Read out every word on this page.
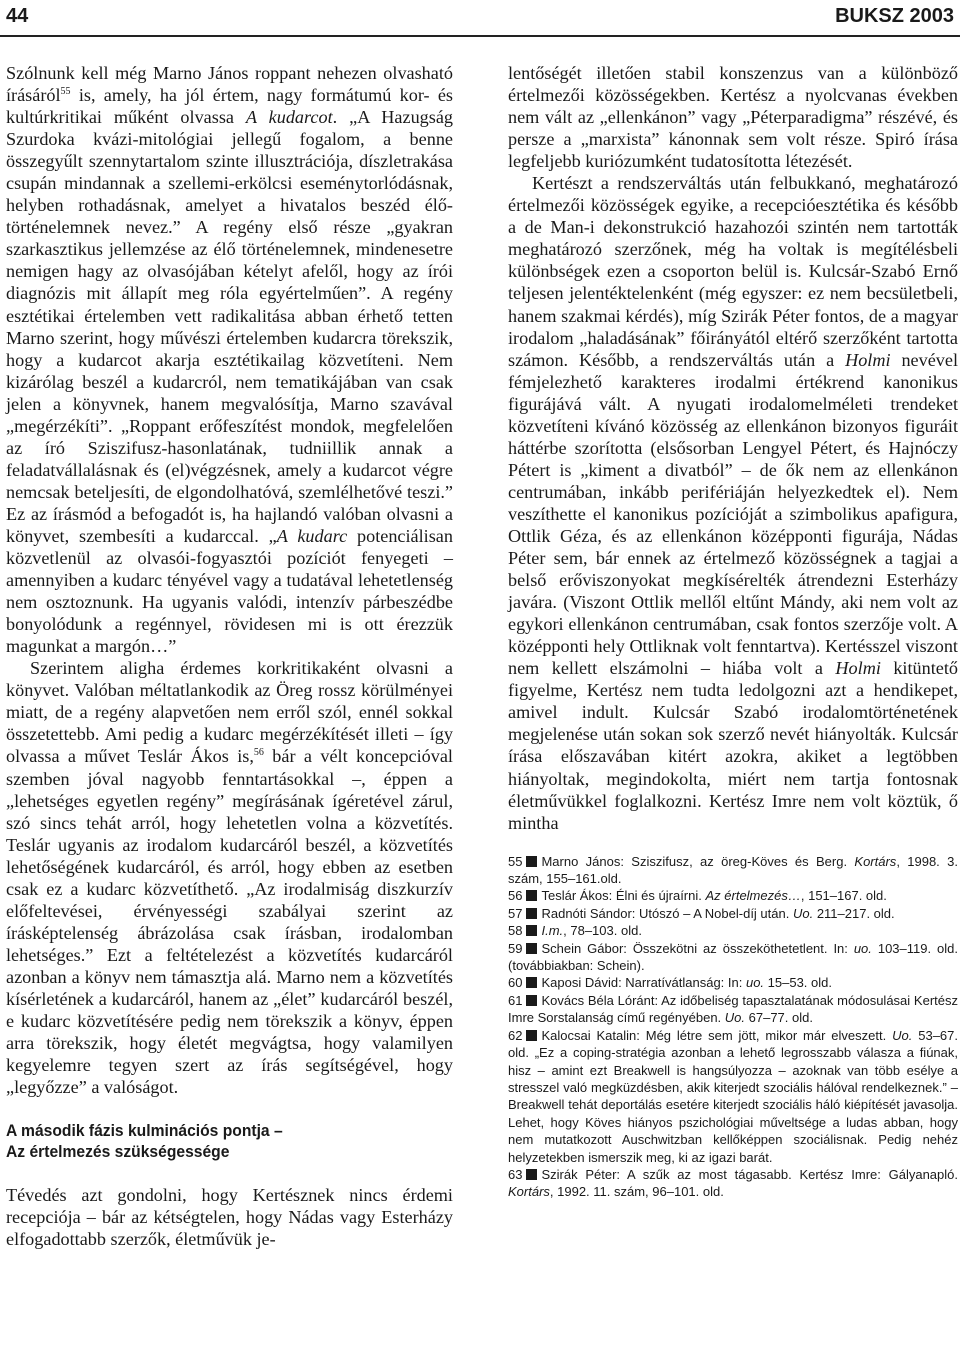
44	BUKSZ 2003

Szólnunk kell még Marno János roppant nehezen olvasható írásáról$^{55}$ is, amely, ha jól értem, nagy formátumú kor- és kultúrkritikai műként olvassa A kudarcot. „A Hazugság Szurdoka kvázi-mitológiai jellegű fogalom, a benne összegyűlt szennytartalom szinte illusztrációja, díszletrakása csupán mindannak a szellemi-erkölcsi eseménytorlódásnak, helyben rothadásnak, amelyet a hivatalos beszéd élő-történelemnek nevez.” A regény első része „gyakran szarkasztikus jellemzése az élő történelemnek, mindenesetre nemigen hagy az olvasójában kételyt afelől, hogy az írói diagnózis mit állapít meg róla egyértelműen”. A regény esztétikai értelemben vett radikalitása abban érhető tetten Marno szerint, hogy művészi értelemben kudarcra törekszik, hogy a kudarcot akarja esztétikailag közvetíteni. Nem kizárólag beszél a kudarcról, nem tematikájában van csak jelen a könyvnek, hanem megvalósítja, Marno szavával „megérzékíti”. „Roppant erőfeszítést mondok, megfelelően az író Sziszifusz-hasonlatának, tudniillik annak a feladatvállalásnak és (el)végzésnek, amely a kudarcot végre nemcsak beteljesíti, de elgondolhatóvá, szemlélhetővé teszi.” Ez az írásmód a befogadót is, ha hajlandó valóban olvasni a könyvet, szembesíti a kudarccal. „A kudarc potenciálisan közvetlenül az olvasói-fogyasztói pozíciót fenyegeti – amennyiben a kudarc tényével vagy a tudatával lehetetlenség nem osztoznunk. Ha ugyanis valódi, intenzív párbeszédbe bonyolódunk a regénnyel, rövidesen mi is ott érezzük magunkat a margón…”

Szerintem aligha érdemes korkritikaként olvasni a könyvet. Valóban méltatlankodik az Öreg rossz körülményei miatt, de a regény alapvetően nem erről szól, ennél sokkal összetettebb. Ami pedig a kudarc megérzékítését illeti – így olvassa a művet Teslár Ákos is,$^{56}$ bár a vélt koncepcióval szemben jóval nagyobb fenntartásokkal –, éppen a „lehetséges egyetlen regény” megírásának ígéretével zárul, szó sincs tehát arról, hogy lehetetlen volna a közvetítés. Teslár ugyanis az irodalom kudarcáról beszél, a közvetítés lehetőségének kudarcáról, és arról, hogy ebben az esetben csak ez a kudarc közvetíthető. „Az irodalmiság diszkurzív előfeltevései, érvényességi szabályai szerint az írásképtelenség ábrázolása csak írásban, irodalomban lehetséges.” Ezt a feltételezést a közvetítés kudarcáról azonban a könyv nem támasztja alá. Marno nem a közvetítés kísérletének a kudarcáról, hanem az „élet” kudarcáról beszél, e kudarc közvetítésére pedig nem törekszik a könyv, éppen arra törekszik, hogy életét megvágtsa, hogy valamilyen kegyelemre tegyen szert az írás segítségével, hogy „legyőzze” a valóságot.

A második fázis kulminációs pontja –
Az értelmezés szükségessége

Tévedés azt gondolni, hogy Kertésznek nincs érdemi recepciója – bár az kétségtelen, hogy Nádas vagy Esterházy elfogadottabb szerzők, életművük je-

lentőségét illetően stabil konszenzus van a különböző értelmezői közösségekben. Kertész a nyolcvanas években nem vált az „ellenkánon” vagy „Péterparadigma” részévé, és persze a „marxista” kánonnak sem volt része. Spiró írása legfeljebb kuriózumként tudatosította létezését.

Kertészt a rendszerváltás után felbukkanó, meghatározó értelmezői közösségek egyike, a recepcióesztétika és később a de Man-i dekonstrukció hazahozói szintén nem tartották meghatározó szerzőnek, még ha voltak is megítélésbeli különbségek ezen a csoporton belül is. Kulcsár-Szabó Ernő teljesen jelentéktelenként (még egyszer: ez nem becsületbeli, hanem szakmai kérdés), míg Szirák Péter fontos, de a magyar irodalom „haladásának” főirányától eltérő szerzőként tartotta számon. Később, a rendszerváltás után a Holmi nevével fémjelezhető karakteres irodalmi értékrend kanonikus figurájává vált. A nyugati irodalomelméleti trendeket közvetíteni kívánó közösség az ellenkánon bizonyos figuráit háttérbe szorította (elsősorban Lengyel Pétert, és Hajnóczy Pétert is „kiment a divatból” – de ők nem az ellenkánon centrumában, inkább perifériáján helyezkedtek el). Nem veszíthette el kanonikus pozícióját a szimbolikus apafigura, Ottlik Géza, és az ellenkánon középponti figurája, Nádas Péter sem, bár ennek az értelmező közösségnek a tagjai a belső erőviszonyokat megkísérelték átrendezni Esterházy javára. (Viszont Ottlik mellől eltűnt Mándy, aki nem volt az egykori ellenkánon centrumában, csak fontos szerzője volt. A középponti hely Ottliknak volt fenntartva). Kertésszel viszont nem kellett elszámolni – hiába volt a Holmi kitüntető figyelme, Kertész nem tudta ledolgozni azt a hendikepet, amivel indult. Kulcsár Szabó irodalomtörténetének megjelenése után sokan sok szerző nevét hiányolták. Kulcsár írása előszavában kitért azokra, akiket a legtöbben hiányoltak, megindokolta, miért nem tartja fontosnak életművükkel foglalkozni. Kertész Imre nem volt köztük, ő mintha

55 Marno János: Sziszifusz, az öreg-Köves és Berg. Kortárs, 1998. 3. szám, 155–161.old.
56 Teslár Ákos: Élni és újraírni. Az értelmezés…, 151–167. old.
57 Radnóti Sándor: Utószó – A Nobel-díj után. Uo. 211–217. old.
58 I.m., 78–103. old.
59 Schein Gábor: Összekötni az összeköthetetlent. In: uo. 103–119. old. (továbbiakban: Schein).
60 Kaposi Dávid: Narratívátlanság: In: uo. 15–53. old.
61 Kovács Béla Lóránt: Az időbeliség tapasztalatának módosulásai Kertész Imre Sorstalanság című regényében. Uo. 67–77. old.
62 Kalocsai Katalin: Még létre sem jött, mikor már elveszett. Uo. 53–67. old. „Ez a coping-stratégia azonban a lehető legrosszabb válasza a fiúnak, hisz – amint ezt Breakwell is hangsúlyozza – azoknak van több esélye a stresszel való megküzdésben, akik kiterjedt szociális hálóval rendelkeznek.” – Breakwell tehát deportálás esetére kiterjedt szociális háló kiépítését javasolja. Lehet, hogy Köves hiányos pszichológiai műveltsége a ludas abban, hogy nem mutatkozott Auschwitzban kellőképpen szociálisnak. Pedig nehéz helyzetekben ismerszik meg, ki az igazi barát.
63 Szirák Péter: A szűk az most tágasabb. Kertész Imre: Gályanapló. Kortárs, 1992. 11. szám, 96–101. old.
